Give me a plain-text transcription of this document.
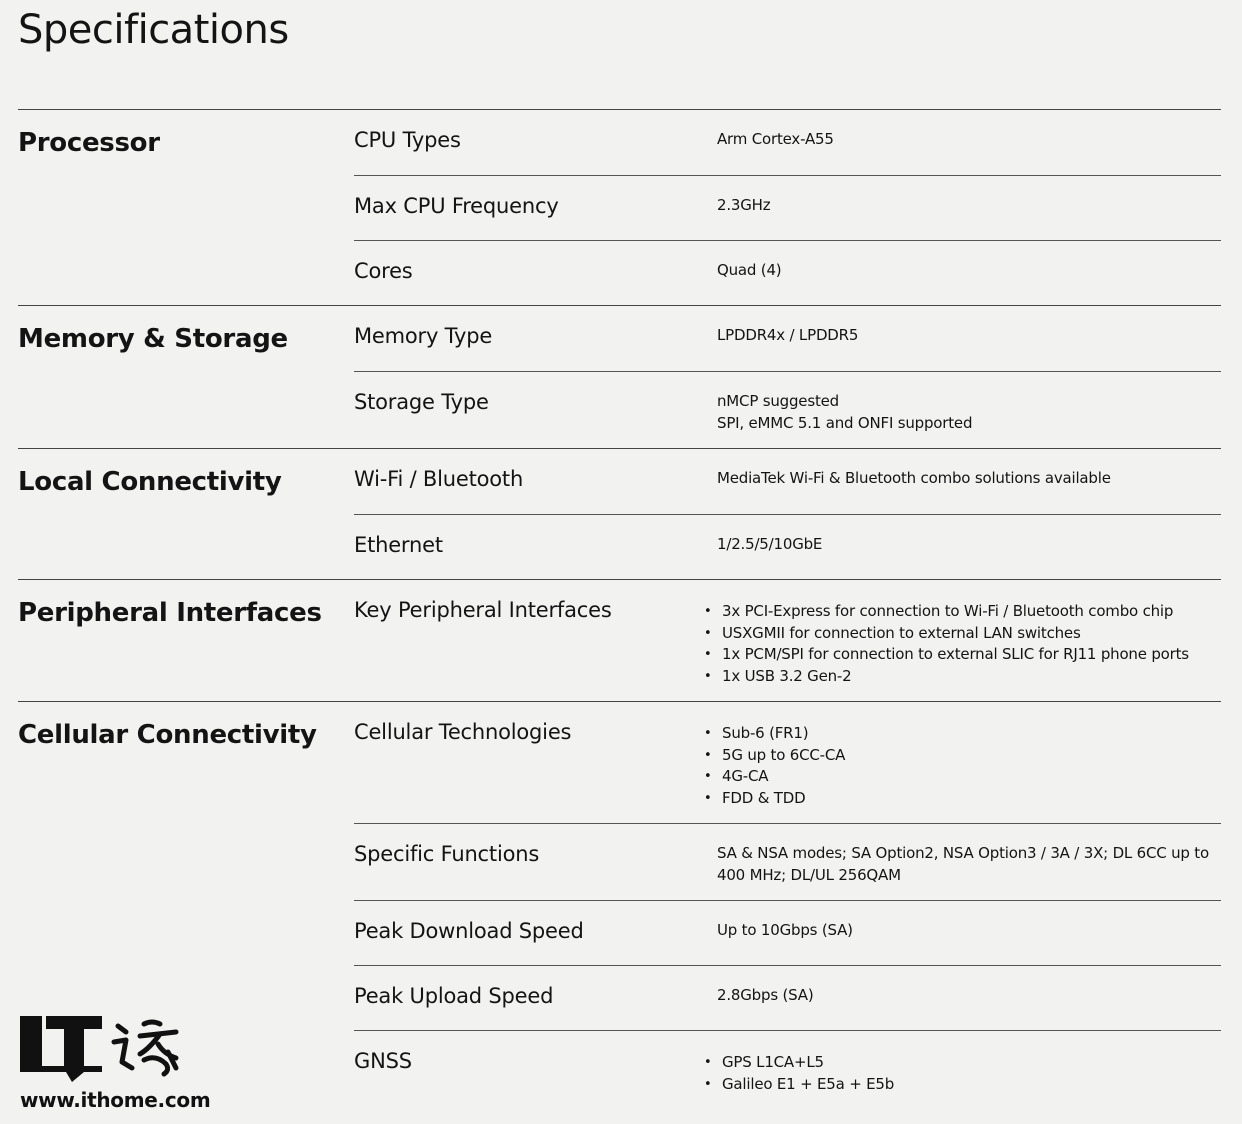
Specifications
Processor	CPU Types	Arm Cortex-A55
Max CPU Frequency	2.3GHz
Cores	Quad (4)
Memory & Storage	Memory Type	LPDDR4x / LPDDR5
Storage Type	nMCP suggested
SPI, eMMC 5.1 and ONFI supported
Local Connectivity	Wi-Fi / Bluetooth	MediaTek Wi-Fi & Bluetooth combo solutions available
Ethernet	1/2.5/5/10GbE
Peripheral Interfaces	Key Peripheral Interfaces	• 3x PCI-Express for connection to Wi-Fi / Bluetooth combo chip
• USXGMII for connection to external LAN switches
• 1x PCM/SPI for connection to external SLIC for RJ11 phone ports
• 1x USB 3.2 Gen-2
Cellular Connectivity	Cellular Technologies	• Sub-6 (FR1)
• 5G up to 6CC-CA
• 4G-CA
• FDD & TDD
Specific Functions	SA & NSA modes; SA Option2, NSA Option3 / 3A / 3X; DL 6CC up to 400 MHz; DL/UL 256QAM
Peak Download Speed	Up to 10Gbps (SA)
Peak Upload Speed	2.8Gbps (SA)
GNSS	• GPS L1CA+L5
• Galileo E1 + E5a + E5b
www.ithome.com
